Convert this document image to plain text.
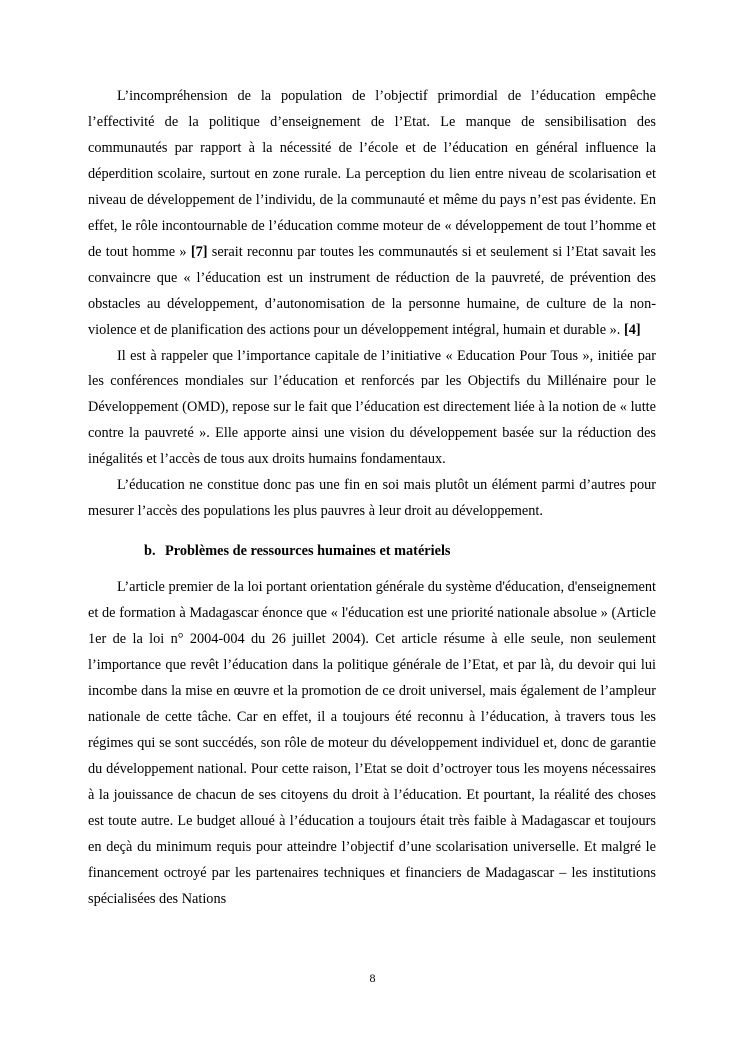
L’incompréhension de la population de l’objectif primordial de l’éducation empêche l’effectivité de la politique d’enseignement de l’Etat. Le manque de sensibilisation des communautés par rapport à la nécessité de l’école et de l’éducation en général influence la déperdition scolaire, surtout en zone rurale. La perception du lien entre niveau de scolarisation et niveau de développement de l’individu, de la communauté et même du pays n’est pas évidente. En effet, le rôle incontournable de l’éducation comme moteur de « développement de tout l’homme et de tout homme » [7] serait reconnu par toutes les communautés si et seulement si l’Etat savait les convaincre que « l’éducation est un instrument de réduction de la pauvreté, de prévention des obstacles au développement, d’autonomisation de la personne humaine, de culture de la non-violence et de planification des actions pour un développement intégral, humain et durable ». [4]

Il est à rappeler que l’importance capitale de l’initiative « Education Pour Tous », initiée par les conférences mondiales sur l’éducation et renforcés par les Objectifs du Millénaire pour le Développement (OMD), repose sur le fait que l’éducation est directement liée à la notion de « lutte contre la pauvreté ». Elle apporte ainsi une vision du développement basée sur la réduction des inégalités et l’accès de tous aux droits humains fondamentaux.

L’éducation ne constitue donc pas une fin en soi mais plutôt un élément parmi d’autres pour mesurer l’accès des populations les plus pauvres à leur droit au développement.

b. Problèmes de ressources humaines et matériels

L’article premier de la loi portant orientation générale du système d'éducation, d'enseignement et de formation à Madagascar énonce que « l'éducation est une priorité nationale absolue » (Article 1er de la loi n° 2004-004 du 26 juillet 2004). Cet article résume à elle seule, non seulement l’importance que revêt l’éducation dans la politique générale de l’Etat, et par là, du devoir qui lui incombe dans la mise en œuvre et la promotion de ce droit universel, mais également de l’ampleur nationale de cette tâche. Car en effet, il a toujours été reconnu à l’éducation, à travers tous les régimes qui se sont succédés, son rôle de moteur du développement individuel et, donc de garantie du développement national. Pour cette raison, l’Etat se doit d’octroyer tous les moyens nécessaires à la jouissance de chacun de ses citoyens du droit à l’éducation. Et pourtant, la réalité des choses est toute autre. Le budget alloué à l’éducation a toujours était très faible à Madagascar et toujours en deçà du minimum requis pour atteindre l’objectif d’une scolarisation universelle. Et malgré le financement octroyé par les partenaires techniques et financiers de Madagascar – les institutions spécialisées des Nations

8
